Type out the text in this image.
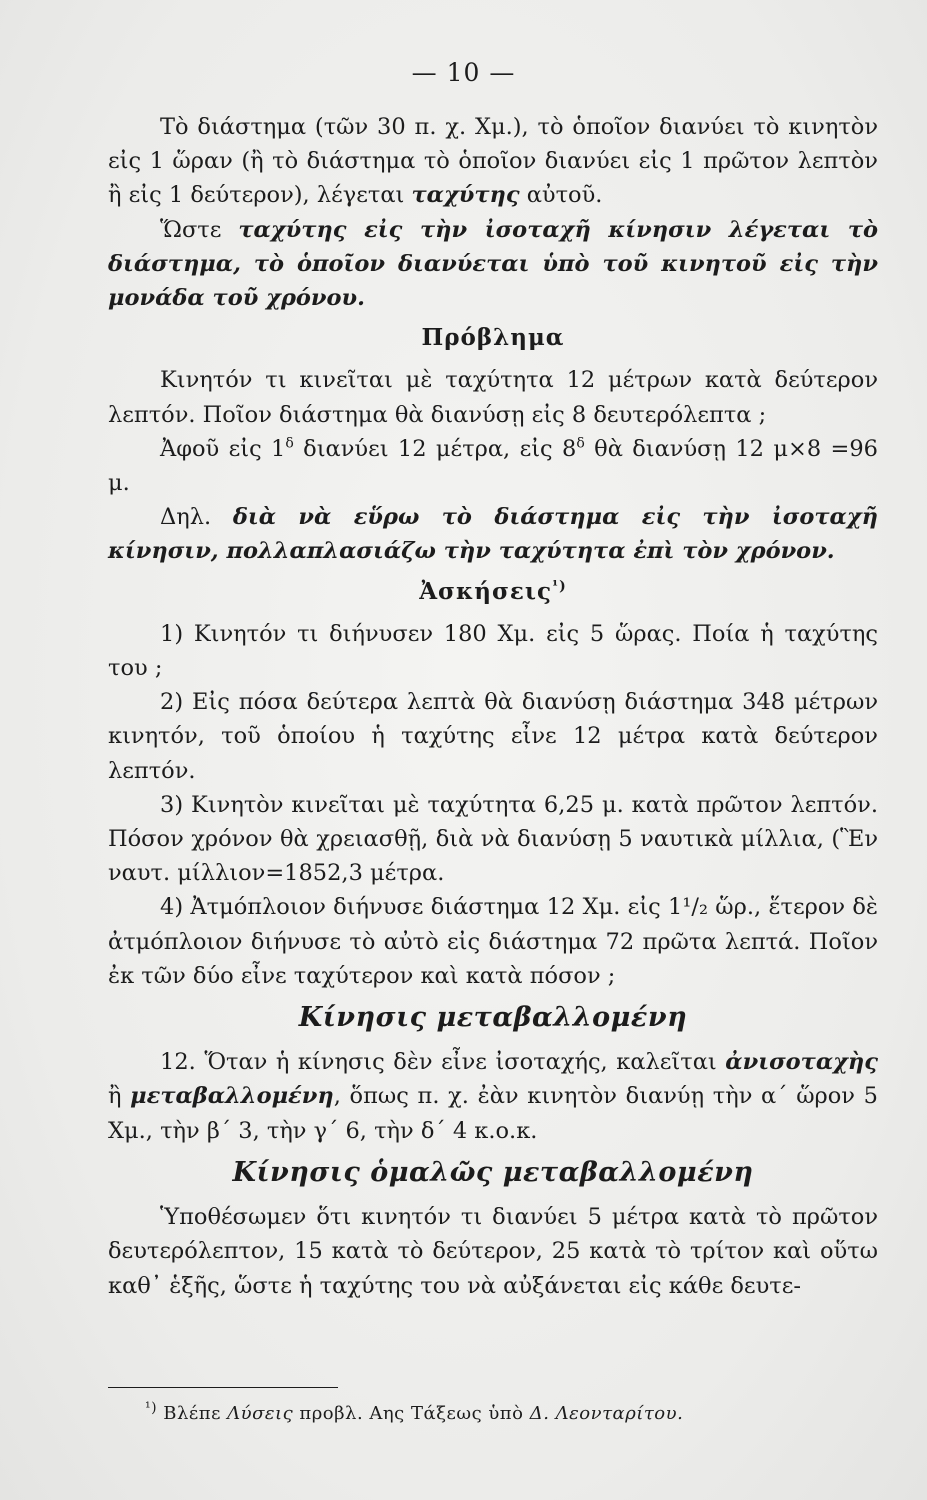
— 10 —

Τὸ διάστημα (τῶν 30 π. χ. Χμ.), τὸ ὁποῖον διανύει τὸ κινητὸν εἰς 1 ὥραν (ἢ τὸ διάστημα τὸ ὁποῖον διανύει εἰς 1 πρῶτον λεπτὸν ἢ εἰς 1 δεύτερον), λέγεται ταχύτης αὐτοῦ.

Ὥστε ταχύτης εἰς τὴν ἰσοταχῆ κίνησιν λέγεται τὸ διάστημα, τὸ ὁποῖον διανύεται ὑπὸ τοῦ κινητοῦ εἰς τὴν μονάδα τοῦ χρόνου.

Πρόβλημα

Κινητόν τι κινεῖται μὲ ταχύτητα 12 μέτρων κατὰ δεύτερον λεπτόν. Ποῖον διάστημα θὰ διανύσῃ εἰς 8 δευτερόλεπτα ;

Ἀφοῦ εἰς $1^\delta$ διανύει 12 μέτρα, εἰς $8^\delta$ θὰ διανύσῃ 12 μ×8 =96 μ.

Δηλ. διὰ νὰ εὕρω τὸ διάστημα εἰς τὴν ἰσοταχῆ κίνησιν, πολλαπλασιάζω τὴν ταχύτητα ἐπὶ τὸν χρόνον.

Ἀσκήσεις$^{^1)}$

1) Κινητόν τι διήνυσεν 180 Χμ. εἰς 5 ὥρας. Ποία ἡ ταχύτης του ;

2) Εἰς πόσα δεύτερα λεπτὰ θὰ διανύσῃ διάστημα 348 μέτρων κινητόν, τοῦ ὁποίου ἡ ταχύτης εἶνε 12 μέτρα κατὰ δεύτερον λεπτόν.

3) Κινητὸν κινεῖται μὲ ταχύτητα 6,25 μ. κατὰ πρῶτον λεπτόν. Πόσον χρόνον θὰ χρειασθῇ, διὰ νὰ διανύσῃ 5 ναυτικὰ μίλλια, (Ἓν ναυτ. μίλλιον=1852,3 μέτρα.

4) Ἀτμόπλοιον διήνυσε διάστημα 12 Χμ. εἰς 1¹/₂ ὥρ., ἕτερον δὲ ἀτμόπλοιον διήνυσε τὸ αὐτὸ εἰς διάστημα 72 πρῶτα λεπτά. Ποῖον ἐκ τῶν δύο εἶνε ταχύτερον καὶ κατὰ πόσον ;

Κίνησις μεταβαλλομένη

12. Ὅταν ἡ κίνησις δὲν εἶνε ἰσοταχής, καλεῖται ἀνισοταχὴς ἢ μεταβαλλομένη, ὅπως π. χ. ἐὰν κινητὸν διανύῃ τὴν α΄ ὥρον 5 Χμ., τὴν β΄ 3, τὴν γ΄ 6, τὴν δ΄ 4 κ.ο.κ.

Κίνησις ὁμαλῶς μεταβαλλομένη

Ὑποθέσωμεν ὅτι κινητόν τι διανύει 5 μέτρα κατὰ τὸ πρῶτον δευτερόλεπτον, 15 κατὰ τὸ δεύτερον, 25 κατὰ τὸ τρίτον καὶ οὕτω καθ᾽ ἑξῆς, ὥστε ἡ ταχύτης του νὰ αὐξάνεται εἰς κάθε δευτε-

$^{^1)}$ Βλέπε Λύσεις προβλ. Αης Τάξεως ὑπὸ Δ. Λεονταρίτου.
